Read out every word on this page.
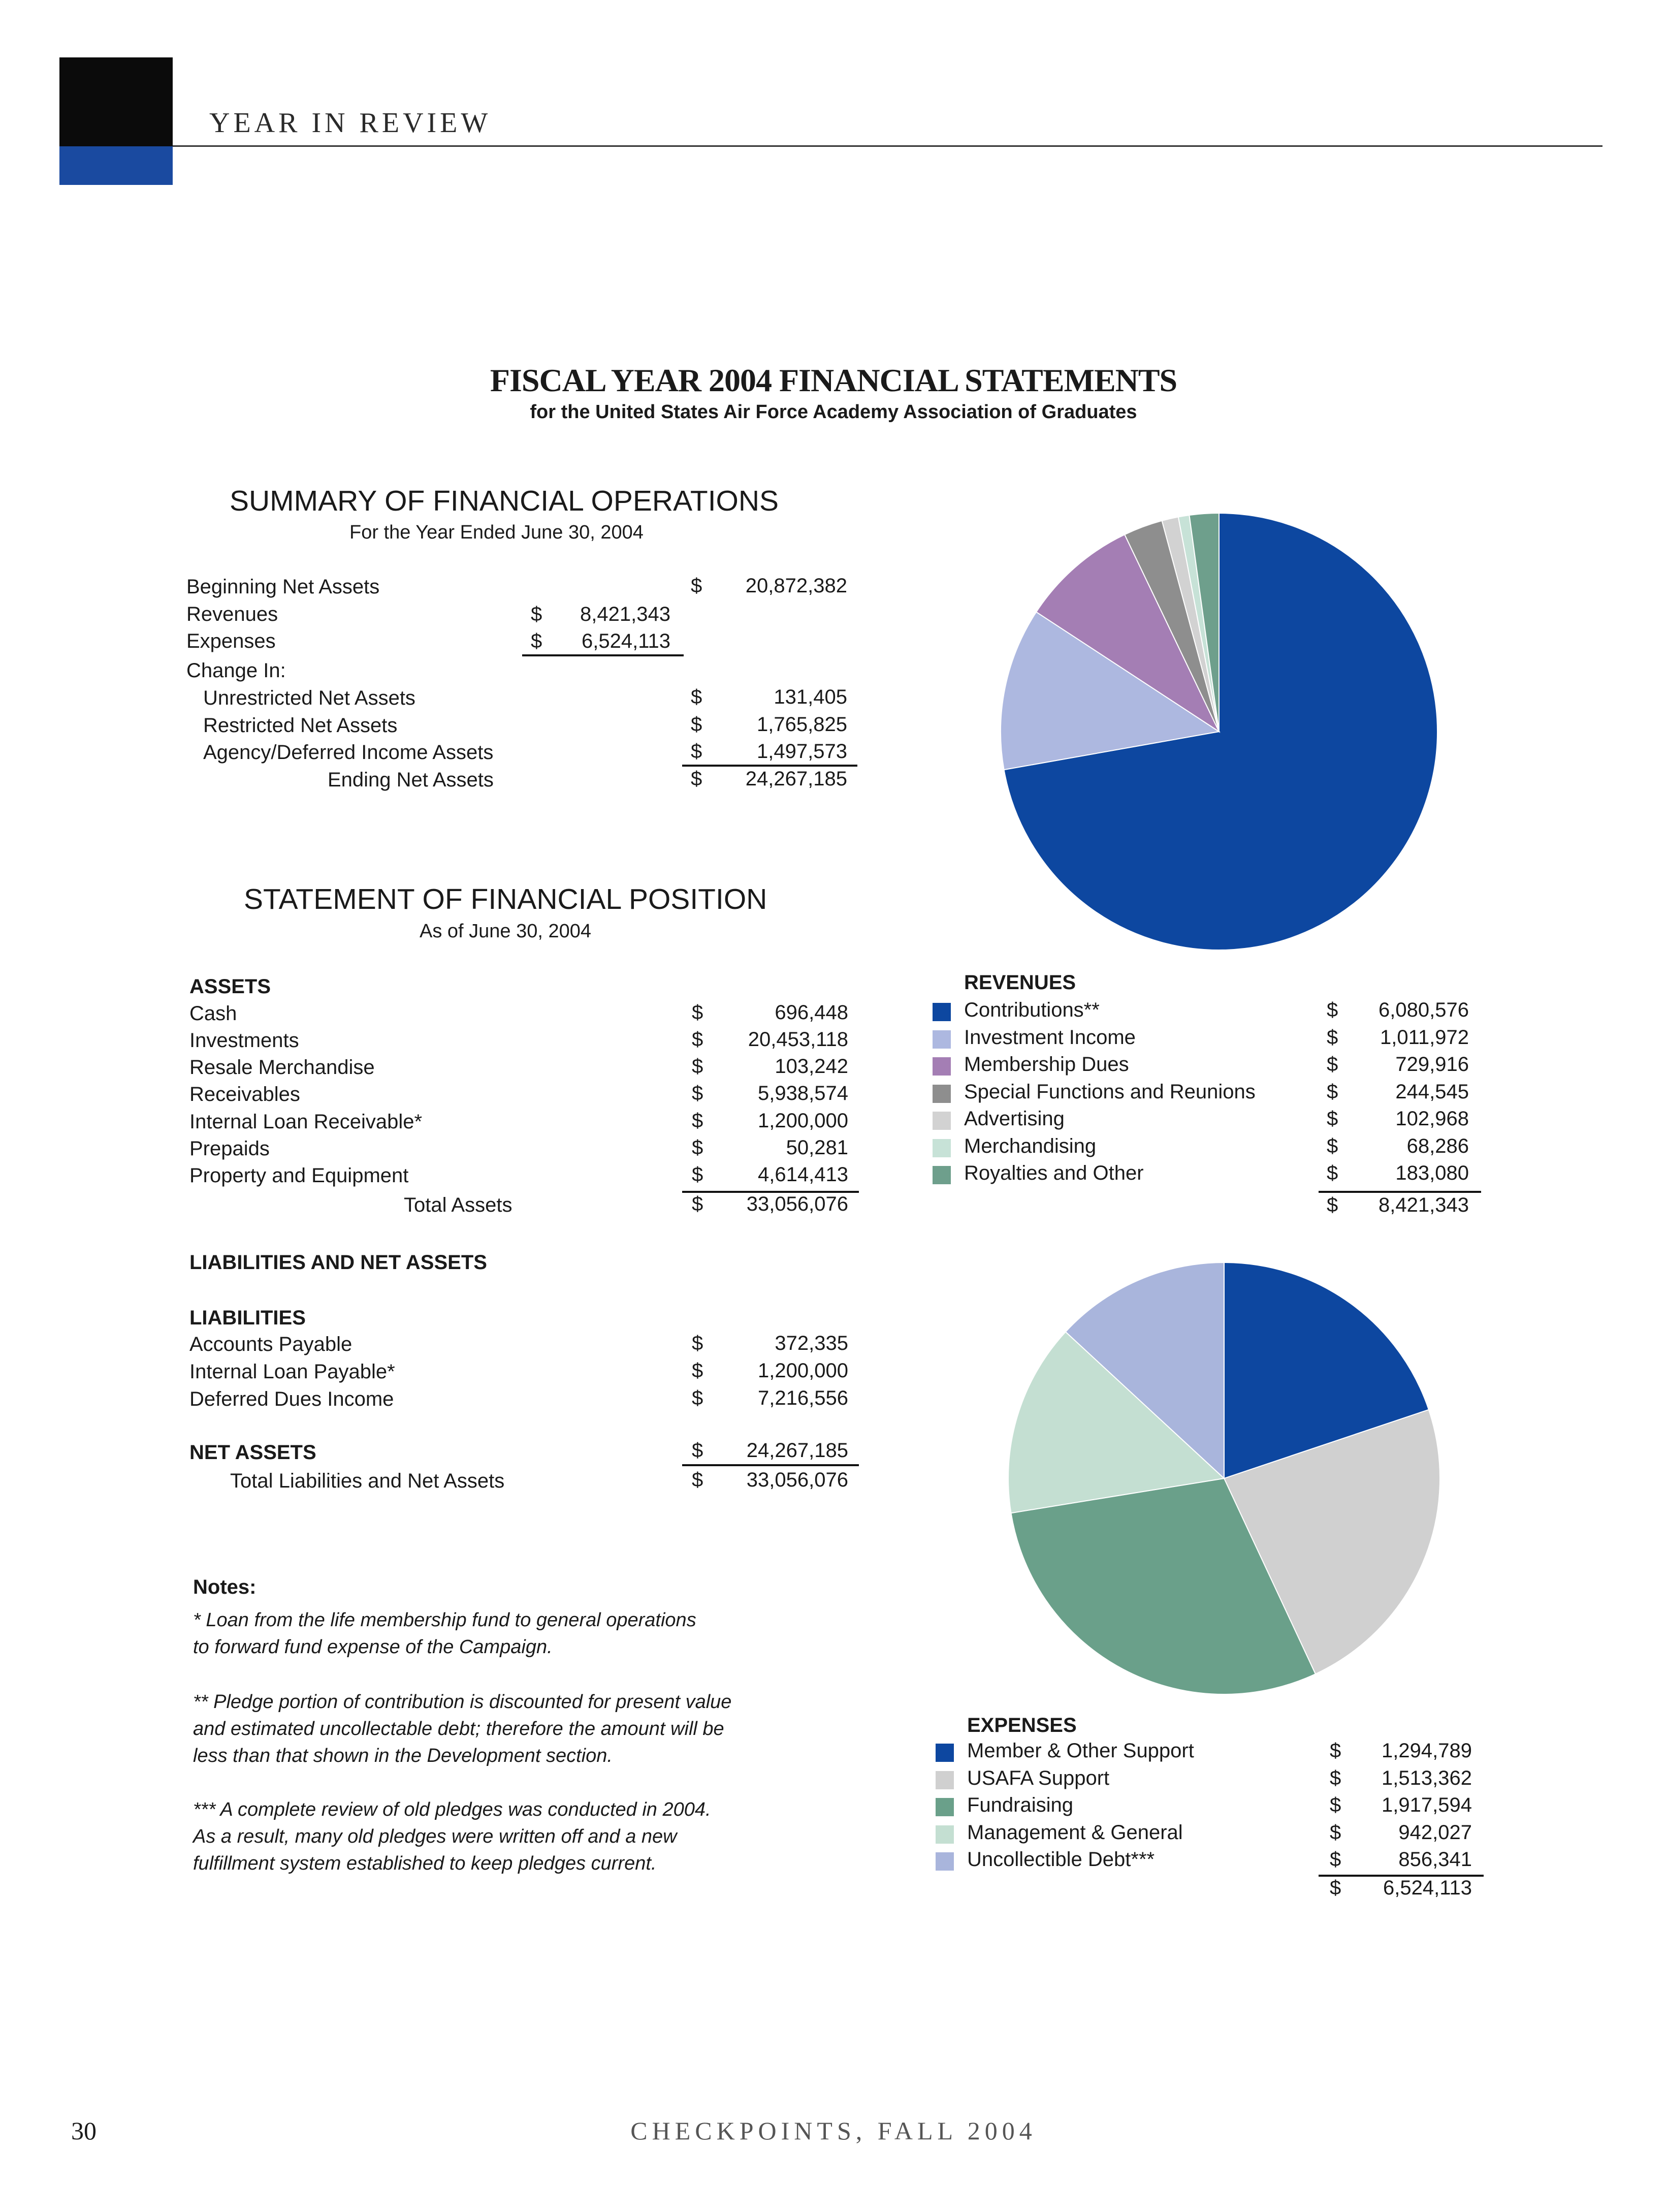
YEAR IN REVIEW
FISCAL YEAR 2004 FINANCIAL STATEMENTS
for the United States Air Force Academy Association of Graduates
SUMMARY OF FINANCIAL OPERATIONS
For the Year Ended June 30, 2004
Beginning Net Assets	$	20,872,382
Revenues	$	8,421,343
Expenses	$	6,524,113
Change In:
Unrestricted Net Assets	$	131,405
Restricted Net Assets	$	1,765,825
Agency/Deferred Income Assets	$	1,497,573
Ending Net Assets	$	24,267,185
STATEMENT OF FINANCIAL POSITION
As of June 30, 2004
ASSETS
Cash	$	696,448
Investments	$	20,453,118
Resale Merchandise	$	103,242
Receivables	$	5,938,574
Internal Loan Receivable*	$	1,200,000
Prepaids	$	50,281
Property and Equipment	$	4,614,413
Total Assets	$	33,056,076
LIABILITIES AND NET ASSETS
LIABILITIES
Accounts Payable	$	372,335
Internal Loan Payable*	$	1,200,000
Deferred Dues Income	$	7,216,556
NET ASSETS	$	24,267,185
Total Liabilities and Net Assets	$	33,056,076
Notes:
* Loan from the life membership fund to general operations
to forward fund expense of the Campaign.
** Pledge portion of contribution is discounted for present value
and estimated uncollectable debt; therefore the amount will be
less than that shown in the Development section.
*** A complete review of old pledges was conducted in 2004.
As a result, many old pledges were written off and a new
fulfillment system established to keep pledges current.
REVENUES
Contributions**	$	6,080,576
Investment Income	$	1,011,972
Membership Dues	$	729,916
Special Functions and Reunions	$	244,545
Advertising	$	102,968
Merchandising	$	68,286
Royalties and Other	$	183,080
$	8,421,343
EXPENSES
Member & Other Support	$	1,294,789
USAFA Support	$	1,513,362
Fundraising	$	1,917,594
Management & General	$	942,027
Uncollectible Debt***	$	856,341
$	6,524,113
30	CHECKPOINTS, FALL 2004
